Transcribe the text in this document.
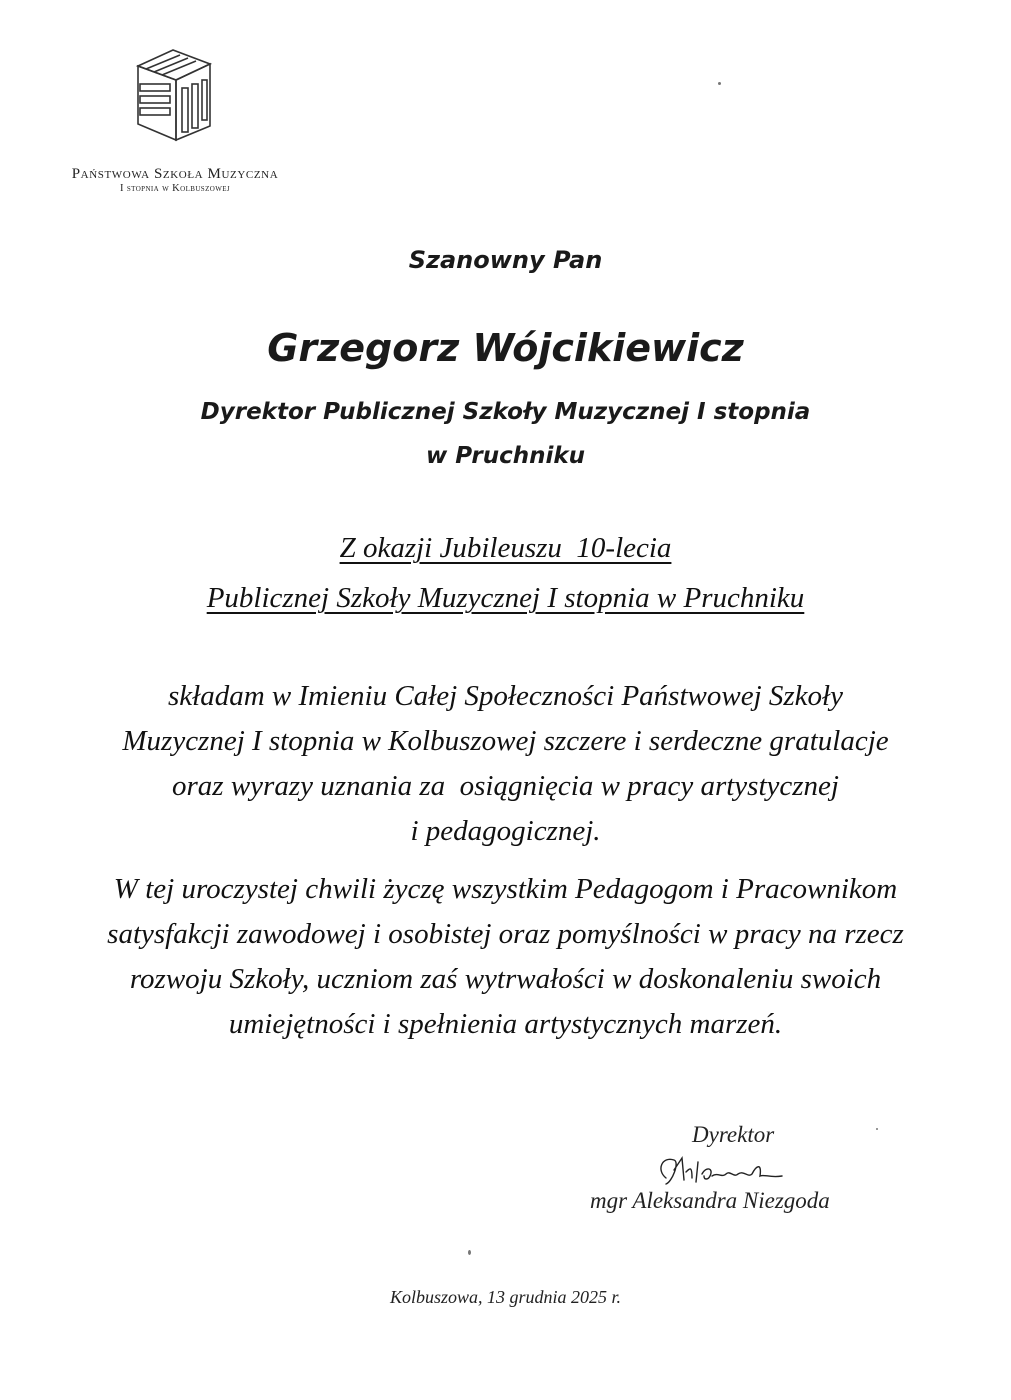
Państwowa Szkoła Muzyczna
I stopnia w Kolbuszowej
Szanowny Pan
Grzegorz Wójcikiewicz
Dyrektor Publicznej Szkoły Muzycznej I stopnia
w Pruchniku
Z okazji Jubileuszu  10-lecia
Publicznej Szkoły Muzycznej I stopnia w Pruchniku
składam w Imieniu Całej Społeczności Państwowej Szkoły
Muzycznej I stopnia w Kolbuszowej szczere i serdeczne gratulacje
oraz wyrazy uznania za  osiągnięcia w pracy artystycznej
i pedagogicznej.
W tej uroczystej chwili życzę wszystkim Pedagogom i Pracownikom
satysfakcji zawodowej i osobistej oraz pomyślności w pracy na rzecz
rozwoju Szkoły, uczniom zaś wytrwałości w doskonaleniu swoich
umiejętności i spełnienia artystycznych marzeń.
Dyrektor
mgr Aleksandra Niezgoda
Kolbuszowa, 13 grudnia 2025 r.
